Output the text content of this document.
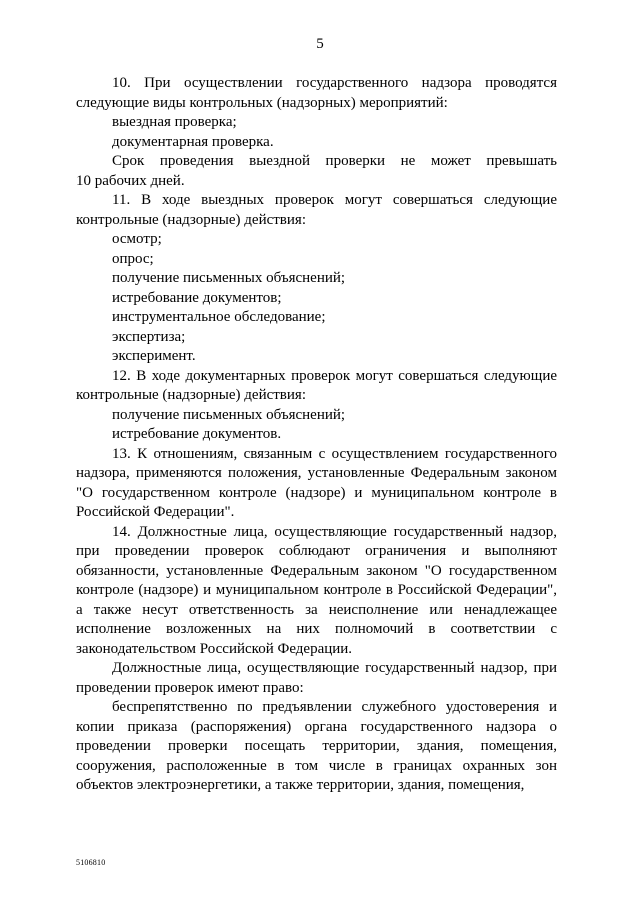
5

10. При осуществлении государственного надзора проводятся

следующие виды контрольных (надзорных) мероприятий:

выездная проверка;

документарная проверка.

Срок проведения выездной проверки не может превышать

10 рабочих дней.

11. В ходе выездных проверок могут совершаться следующие

контрольные (надзорные) действия:

осмотр;

опрос;

получение письменных объяснений;

истребование документов;

инструментальное обследование;

экспертиза;

эксперимент.

12. В ходе документарных проверок могут совершаться следующие

контрольные (надзорные) действия:

получение письменных объяснений;

истребование документов.

13. К отношениям, связанным с осуществлением государственного надзора, применяются положения, установленные Федеральным законом "О государственном контроле (надзоре) и муниципальном контроле в Российской Федерации".

14. Должностные лица, осуществляющие государственный надзор, при проведении проверок соблюдают ограничения и выполняют обязанности, установленные Федеральным законом "О государственном контроле (надзоре) и муниципальном контроле в Российской Федерации", а также несут ответственность за неисполнение или ненадлежащее исполнение возложенных на них полномочий в соответствии с законодательством Российской Федерации.

Должностные лица, осуществляющие государственный надзор, при проведении проверок имеют право:

беспрепятственно по предъявлении служебного удостоверения и копии приказа (распоряжения) органа государственного надзора о проведении проверки посещать территории, здания, помещения, сооружения, расположенные в том числе в границах охранных зон объектов электроэнергетики, а также территории, здания, помещения,

5106810
